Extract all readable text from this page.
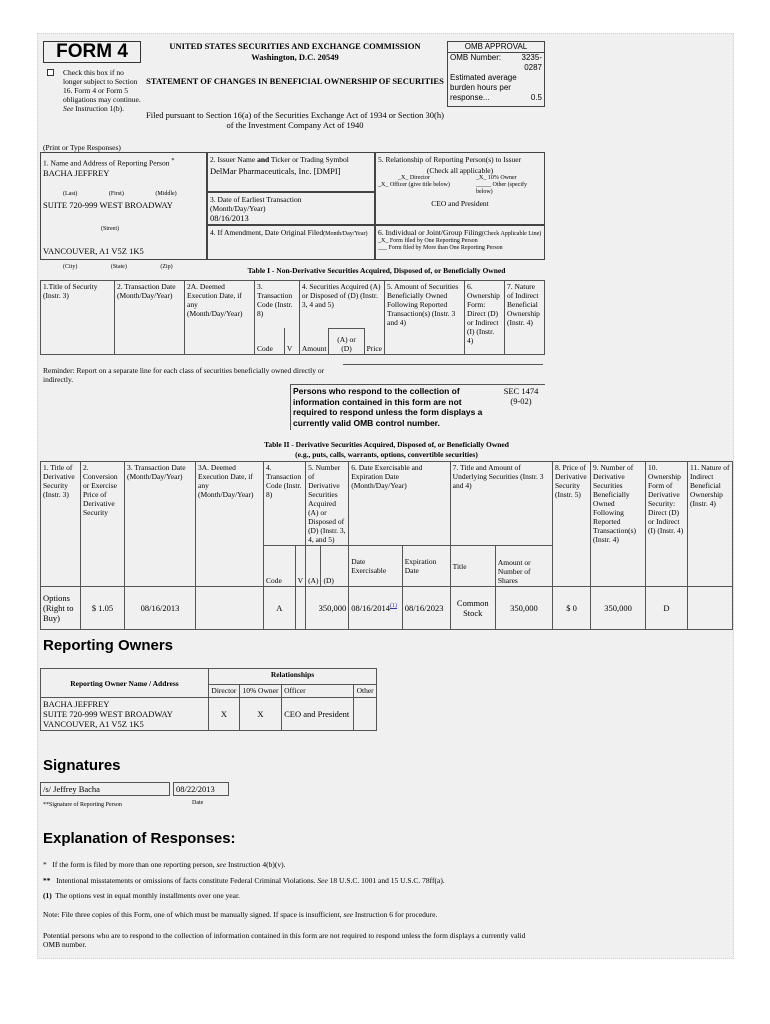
FORM 4
Check this box if no longer subject to Section 16. Form 4 or Form 5 obligations may continue. See Instruction 1(b).
UNITED STATES SECURITIES AND EXCHANGE COMMISSION
Washington, D.C. 20549
STATEMENT OF CHANGES IN BENEFICIAL OWNERSHIP OF SECURITIES
Filed pursuant to Section 16(a) of the Securities Exchange Act of 1934 or Section 30(h) of the Investment Company Act of 1940
OMB APPROVAL
OMB Number:	3235-0287
Estimated average burden hours per response...	0.5
(Print or Type Responses)
1. Name and Address of Reporting Person *
BACHA JEFFREY
(Last)	(First)	(Middle)
SUITE 720-999 WEST BROADWAY
(Street)
VANCOUVER, A1 V5Z 1K5
(City)	(State)	(Zip)
2. Issuer Name and Ticker or Trading Symbol
DelMar Pharmaceuticals, Inc. [DMPI]
3. Date of Earliest Transaction
(Month/Day/Year)
08/16/2013
4. If Amendment, Date Original Filed(Month/Day/Year)
5. Relationship of Reporting Person(s) to Issuer
(Check all applicable)
_X_ Director	_X_ 10% Owner
_X_ Officer (give title below)	_____ Other (specify below)
CEO and President
6. Individual or Joint/Group Filing(Check Applicable Line)
_X_ Form filed by One Reporting Person
___ Form filed by More than One Reporting Person
Table I - Non-Derivative Securities Acquired, Disposed of, or Beneficially Owned
1.Title of Security (Instr. 3)	2. Transaction Date (Month/Day/Year)	2A. Deemed Execution Date, if any (Month/Day/Year)	3. Transaction Code (Instr. 8)		4. Securities Acquired (A) or Disposed of (D) (Instr. 3, 4 and 5)			5. Amount of Securities Beneficially Owned Following Reported Transaction(s) (Instr. 3 and 4)	6. Ownership Form: Direct (D) or Indirect (I) (Instr. 4)	7. Nature of Indirect Beneficial Ownership (Instr. 4)
			Code	V	Amount	(A) or (D)	Price			
Reminder: Report on a separate line for each class of securities beneficially owned directly or indirectly.
Persons who respond to the collection of information contained in this form are not required to respond unless the form displays a currently valid OMB control number.
SEC 1474
(9-02)
Table II - Derivative Securities Acquired, Disposed of, or Beneficially Owned
(e.g., puts, calls, warrants, options, convertible securities)
1. Title of Derivative Security (Instr. 3)	2. Conversion or Exercise Price of Derivative Security	3. Transaction Date (Month/Day/Year)	3A. Deemed Execution Date, if any (Month/Day/Year)	4. Transaction Code (Instr. 8)		5. Number of Derivative Securities Acquired (A) or Disposed of (D) (Instr. 3, 4, and 5)		6. Date Exercisable and Expiration Date (Month/Day/Year)		7. Title and Amount of Underlying Securities (Instr. 3 and 4)		8. Price of Derivative Security (Instr. 5)	9. Number of Derivative Securities Beneficially Owned Following Reported Transaction(s) (Instr. 4)	10. Ownership Form of Derivative Security: Direct (D) or Indirect (I) (Instr. 4)	11. Nature of Indirect Beneficial Ownership (Instr. 4)
				Code	V	(A)	(D)	Date Exercisable	Expiration Date	Title	Amount or Number of Shares				
Options (Right to Buy)	$ 1.05	08/16/2013		A		350,000		08/16/2014$^{(1)}$	08/16/2023	Common Stock	350,000	$ 0	350,000	D	
Reporting Owners
Reporting Owner Name / Address	Relationships			
	Director	10% Owner	Officer	Other

BACHA JEFFREY
SUITE 720-999 WEST BROADWAY
VANCOUVER, A1 V5Z 1K5	X	X	CEO and President	
Signatures
/s/ Jeffrey Bacha	08/22/2013
**Signature of Reporting Person	Date
Explanation of Responses:
* If the form is filed by more than one reporting person, see Instruction 4(b)(v).
** Intentional misstatements or omissions of facts constitute Federal Criminal Violations. See 18 U.S.C. 1001 and 15 U.S.C. 78ff(a).
(1) The options vest in equal monthly installments over one year.
Note: File three copies of this Form, one of which must be manually signed. If space is insufficient, see Instruction 6 for procedure.
Potential persons who are to respond to the collection of information contained in this form are not required to respond unless the form displays a currently valid OMB number.
